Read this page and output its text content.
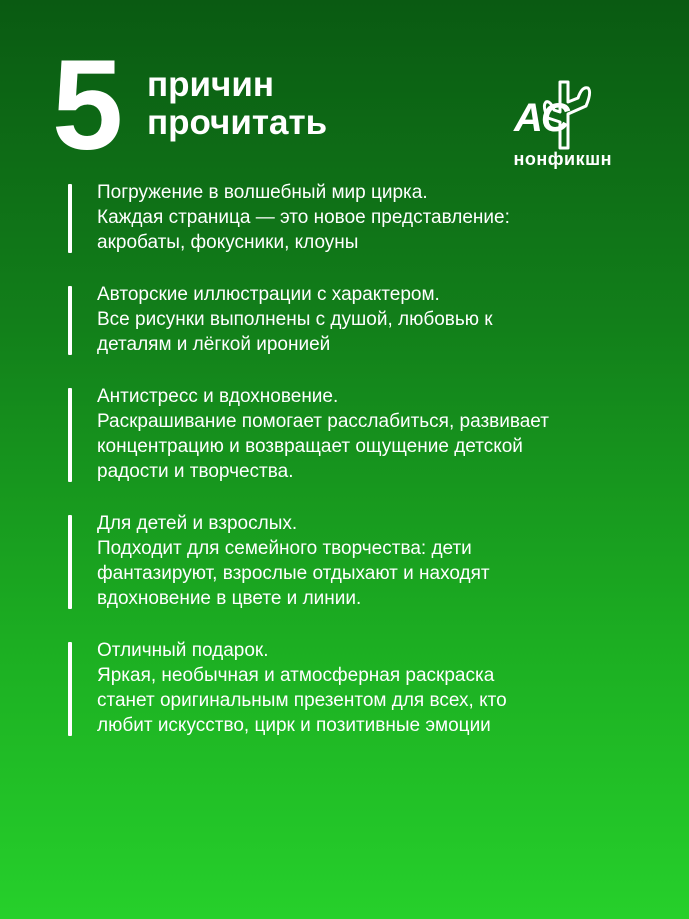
5 причин
прочитать	АС
нонфикшн
Погружение в волшебный мир цирка.
Каждая страница — это новое представление:
акробаты, фокусники, клоуны
Авторские иллюстрации с характером.
Все рисунки выполнены с душой, любовью к
деталям и лёгкой иронией
Антистресс и вдохновение.
Раскрашивание помогает расслабиться, развивает
концентрацию и возвращает ощущение детской
радости и творчества.
Для детей и взрослых.
Подходит для семейного творчества: дети
фантазируют, взрослые отдыхают и находят
вдохновение в цвете и линии.
Отличный подарок.
Яркая, необычная и атмосферная раскраска
станет оригинальным презентом для всех, кто
любит искусство, цирк и позитивные эмоции
